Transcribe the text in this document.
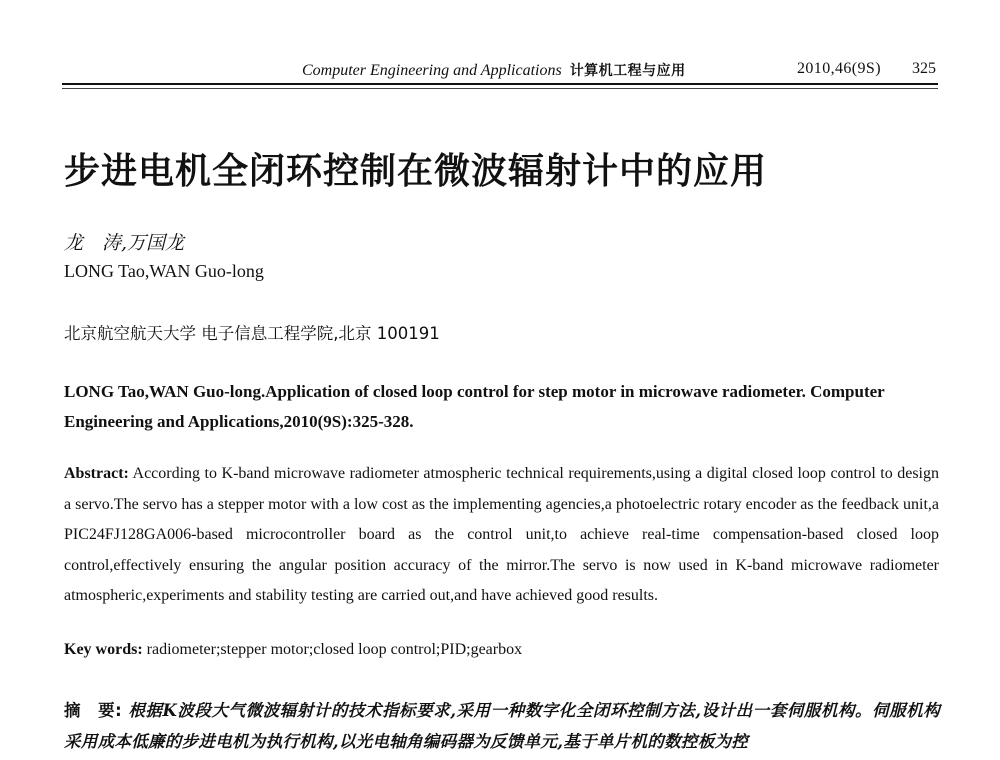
Computer Engineering and Applications 计算机工程与应用	2010,46(9S) 325
步进电机全闭环控制在微波辐射计中的应用
龙　涛,万国龙
LONG Tao,WAN Guo-long
北京航空航天大学 电子信息工程学院,北京 100191
LONG Tao,WAN Guo-long.Application of closed loop control for step motor in microwave radiometer. Computer Engineering and Applications,2010(9S):325-328.
Abstract: According to K-band microwave radiometer atmospheric technical requirements,using a digital closed loop control to design a servo.The servo has a stepper motor with a low cost as the implementing agencies,a photoelectric rotary encoder as the feedback unit,a PIC24FJ128GA006-based microcontroller board as the control unit,to achieve real-time compensation-based closed loop control,effectively ensuring the angular position accuracy of the mirror.The servo is now used in K-band microwave radiometer atmospheric,experiments and stability testing are carried out,and have achieved good results.
Key words: radiometer;stepper motor;closed loop control;PID;gearbox
摘　要: 根据K波段大气微波辐射计的技术指标要求,采用一种数字化全闭环控制方法,设计出一套伺服机构。伺服机构采用成本低廉的步进电机为执行机构,以光电轴角编码器为反馈单元,基于单片机的数控板为控
